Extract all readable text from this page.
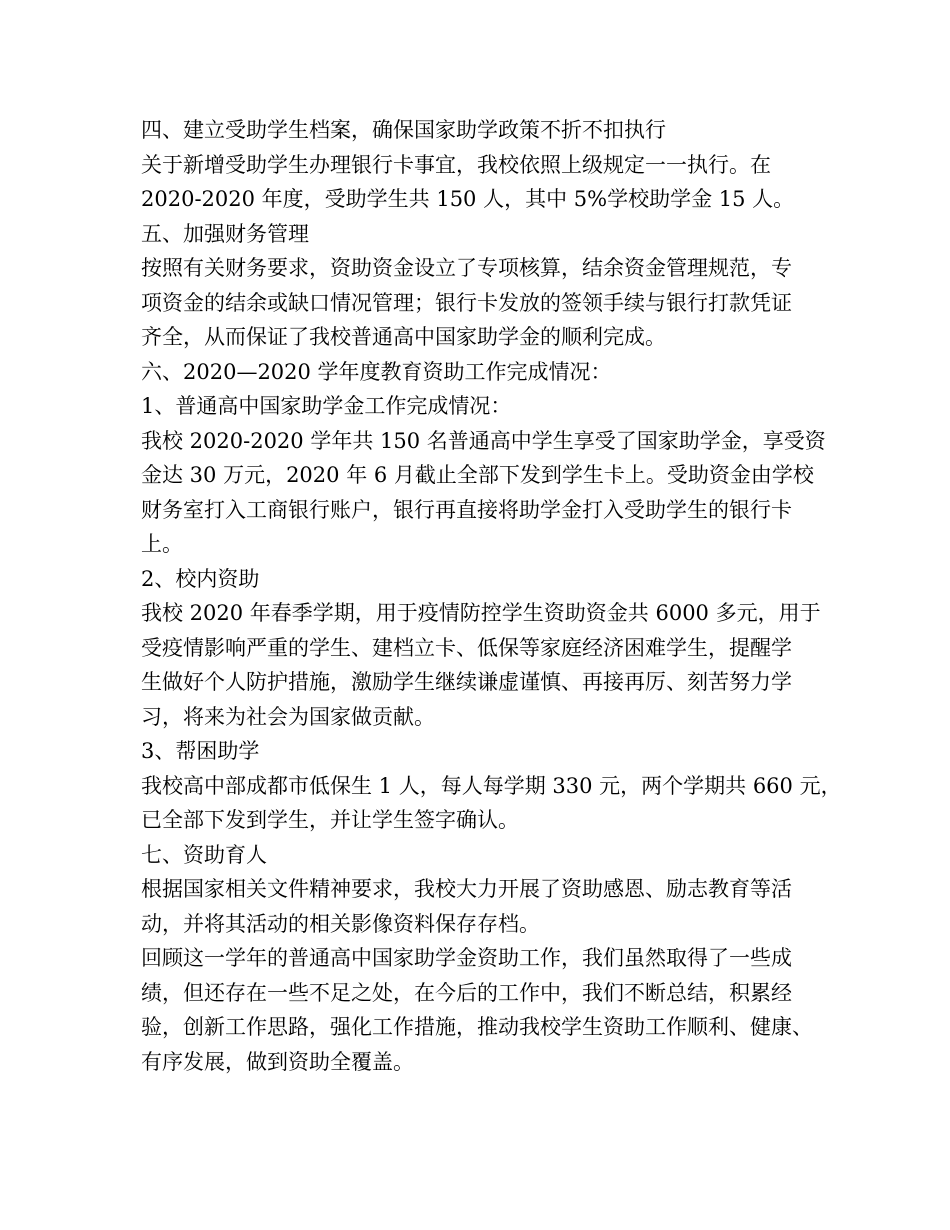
四、建立受助学生档案，确保国家助学政策不折不扣执行
关于新增受助学生办理银行卡事宜，我校依照上级规定一一执行。在
2020-2020 年度，受助学生共 150 人，其中 5%学校助学金 15 人。
五、加强财务管理
按照有关财务要求，资助资金设立了专项核算，结余资金管理规范，专
项资金的结余或缺口情况管理；银行卡发放的签领手续与银行打款凭证
齐全，从而保证了我校普通高中国家助学金的顺利完成。
六、2020—2020 学年度教育资助工作完成情况：
1、普通高中国家助学金工作完成情况：
我校 2020-2020 学年共 150 名普通高中学生享受了国家助学金，享受资
金达 30 万元，2020 年 6 月截止全部下发到学生卡上。受助资金由学校
财务室打入工商银行账户，银行再直接将助学金打入受助学生的银行卡
上。
2、校内资助
我校 2020 年春季学期，用于疫情防控学生资助资金共 6000 多元，用于
受疫情影响严重的学生、建档立卡、低保等家庭经济困难学生，提醒学
生做好个人防护措施，激励学生继续谦虚谨慎、再接再厉、刻苦努力学
习，将来为社会为国家做贡献。
3、帮困助学
我校高中部成都市低保生 1 人，每人每学期 330 元，两个学期共 660 元，
已全部下发到学生，并让学生签字确认。
七、资助育人
根据国家相关文件精神要求，我校大力开展了资助感恩、励志教育等活
动，并将其活动的相关影像资料保存存档。
回顾这一学年的普通高中国家助学金资助工作，我们虽然取得了一些成
绩，但还存在一些不足之处，在今后的工作中，我们不断总结，积累经
验，创新工作思路，强化工作措施，推动我校学生资助工作顺利、健康、
有序发展，做到资助全覆盖。
